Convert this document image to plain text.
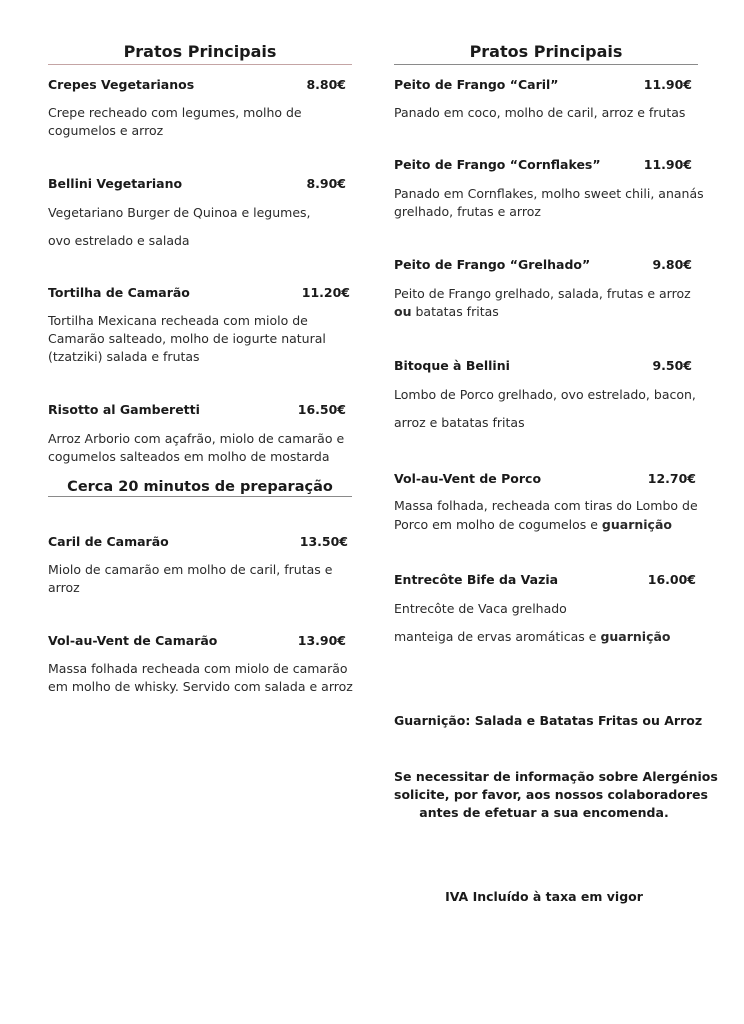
Pratos Principais
Crepes Vegetarianos	8.80€
Crepe recheado com legumes, molho de
cogumelos e arroz
Bellini Vegetariano	8.90€
Vegetariano Burger de Quinoa e legumes,
ovo estrelado e salada
Tortilha de Camarão	11.20€
Tortilha Mexicana recheada com miolo de
Camarão salteado, molho de iogurte natural
(tzatziki) salada e frutas
Risotto al Gamberetti	16.50€
Arroz Arborio com açafrão, miolo de camarão e
cogumelos salteados em molho de mostarda
Cerca 20 minutos de preparação
Caril de Camarão	13.50€
Miolo de camarão em molho de caril, frutas e
arroz
Vol-au-Vent de Camarão	13.90€
Massa folhada recheada com miolo de camarão
em molho de whisky. Servido com salada e arroz
Pratos Principais
Peito de Frango “Caril”	11.90€
Panado em coco, molho de caril, arroz e frutas
Peito de Frango “Cornflakes”	11.90€
Panado em Cornflakes, molho sweet chili, ananás
grelhado, frutas e arroz
Peito de Frango “Grelhado”	9.80€
Peito de Frango grelhado, salada, frutas e arroz
ou batatas fritas
Bitoque à Bellini	9.50€
Lombo de Porco grelhado, ovo estrelado, bacon,
arroz e batatas fritas
Vol-au-Vent de Porco	12.70€
Massa folhada, recheada com tiras do Lombo de
Porco em molho de cogumelos e guarnição
Entrecôte Bife da Vazia	16.00€
Entrecôte de Vaca grelhado
manteiga de ervas aromáticas e guarnição
Guarnição: Salada e Batatas Fritas ou Arroz
Se necessitar de informação sobre Alergénios
solicite, por favor, aos nossos colaboradores
antes de efetuar a sua encomenda.
IVA Incluído à taxa em vigor
